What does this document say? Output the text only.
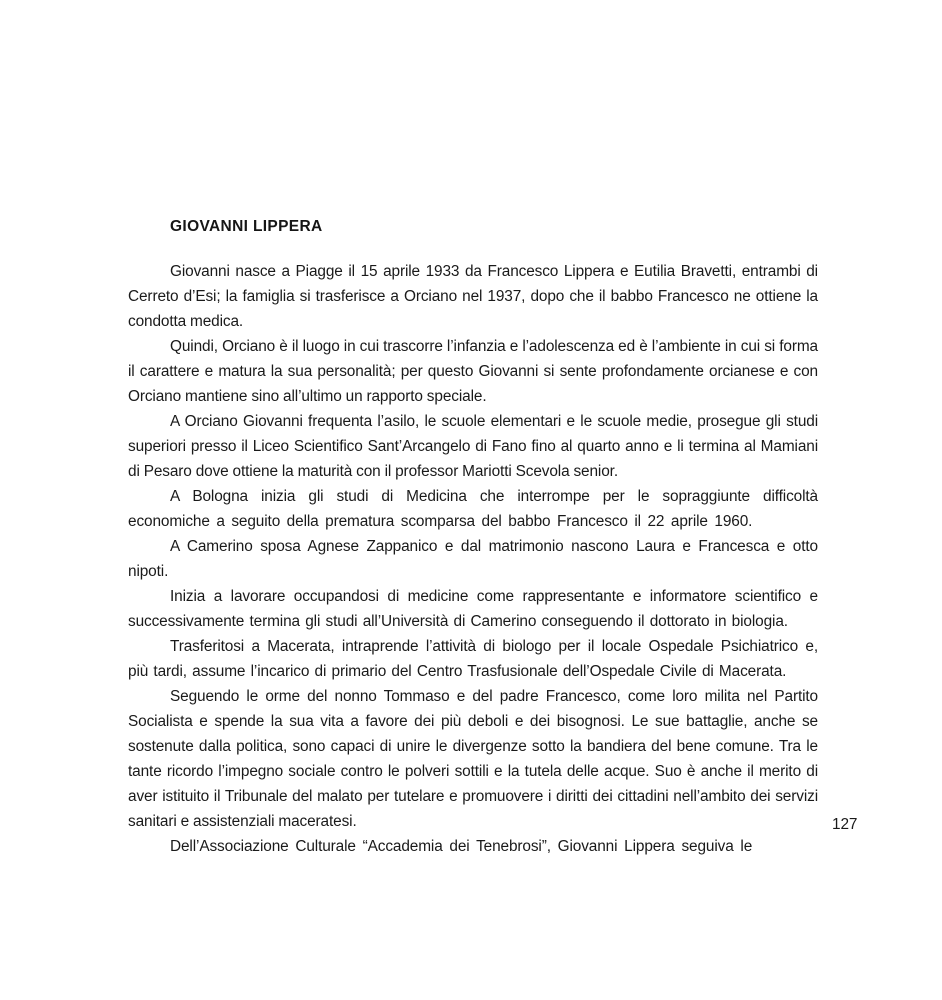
GIOVANNI LIPPERA

Giovanni nasce a Piagge il 15 aprile 1933 da Francesco Lippera e Eutilia Bravetti, entrambi di Cerreto d’Esi; la famiglia si trasferisce a Orciano nel 1937, dopo che il babbo Francesco ne ottiene la condotta medica.

Quindi, Orciano è il luogo in cui trascorre l’infanzia e l’adolescenza ed è l’ambiente in cui si forma il carattere e matura la sua personalità; per questo Giovanni si sente profondamente orcianese e con Orciano mantiene sino all’ultimo un rapporto speciale.

A Orciano Giovanni frequenta l’asilo, le scuole elementari e le scuole medie, prosegue gli studi superiori presso il Liceo Scientifico Sant’Arcangelo di Fano fino al quarto anno e li termina al Mamiani di Pesaro dove ottiene la maturità con il professor Mariotti Scevola senior.

A Bologna inizia gli studi di Medicina che interrompe per le sopraggiunte difficoltà economiche a seguito della prematura scomparsa del babbo Francesco il 22 aprile 1960.

A Camerino sposa Agnese Zappanico e dal matrimonio nascono Laura e Francesca e otto nipoti.

Inizia a lavorare occupandosi di medicine come rappresentante e informatore scientifico e successivamente termina gli studi all’Università di Camerino conseguendo il dottorato in biologia.

Trasferitosi a Macerata, intraprende l’attività di biologo per il locale Ospedale Psichiatrico e, più tardi, assume l’incarico di primario del Centro Trasfusionale dell’Ospedale Civile di Macerata.

Seguendo le orme del nonno Tommaso e del padre Francesco, come loro milita nel Partito Socialista e spende la sua vita a favore dei più deboli e dei bisognosi. Le sue battaglie, anche se sostenute dalla politica, sono capaci di unire le divergenze sotto la bandiera del bene comune. Tra le tante ricordo l’impegno sociale contro le polveri sottili e la tutela delle acque. Suo è anche il merito di aver istituito il Tribunale del malato per tutelare e promuovere i diritti dei cittadini nell’ambito dei servizi sanitari e assistenziali maceratesi.

Dell’Associazione Culturale “Accademia dei Tenebrosi”, Giovanni Lippera seguiva le

127
